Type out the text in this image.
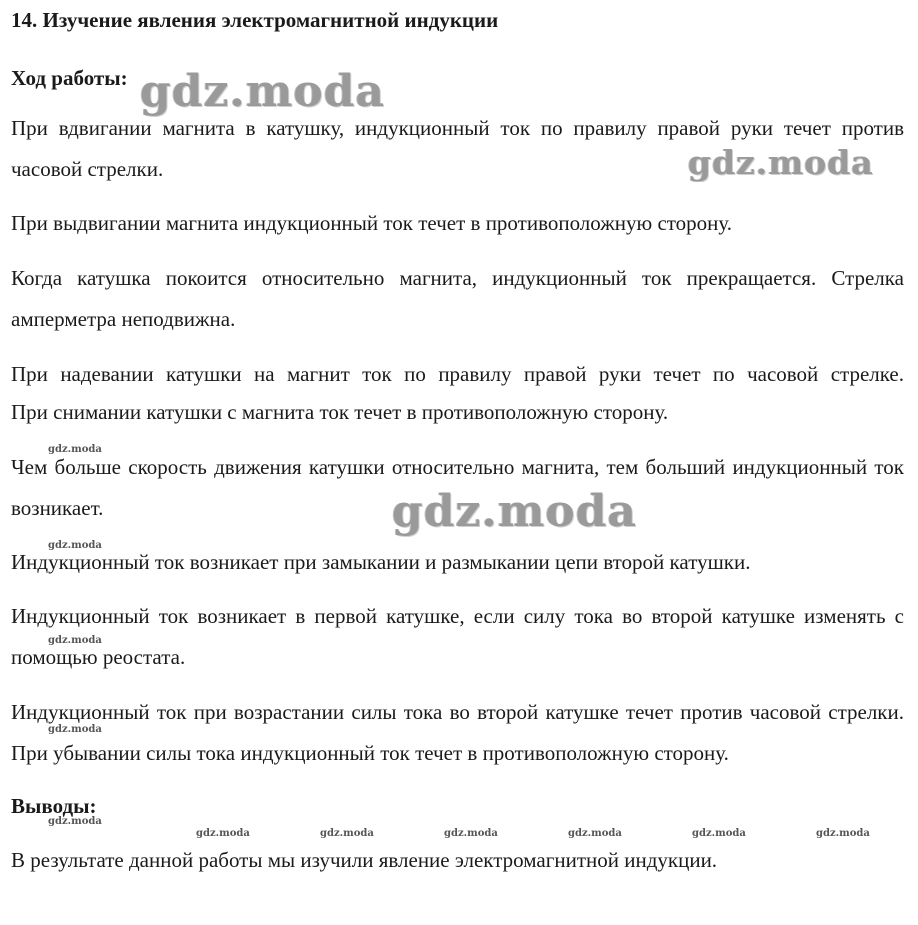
14. Изучение явления электромагнитной индукции
Ход работы:

При вдвигании магнита в катушку, индукционный ток по правилу правой руки течет против часовой стрелки.

При выдвигании магнита индукционный ток течет в противоположную сторону.

Когда катушка покоится относительно магнита, индукционный ток прекращается. Стрелка амперметра неподвижна.

При надевании катушки на магнит ток по правилу правой руки течет по часовой стрелке.

При снимании катушки с магнита ток течет в противоположную сторону.

Чем больше скорость движения катушки относительно магнита, тем больший индукционный ток возникает.

Индукционный ток возникает при замыкании и размыкании цепи второй катушки.

Индукционный ток возникает в первой катушке, если силу тока во второй катушке изменять с помощью реостата.

Индукционный ток при возрастании силы тока во второй катушке течет против часовой стрелки. При убывании силы тока индукционный ток течет в противоположную сторону.

Выводы:

В результате данной работы мы изучили явление электромагнитной индукции.

gdz.moda
gdz.moda
gdz.moda
gdz.moda
gdz.moda
gdz.moda
gdz.moda
gdz.moda
gdz.moda	gdz.moda	gdz.moda	gdz.moda	gdz.moda	gdz.moda
